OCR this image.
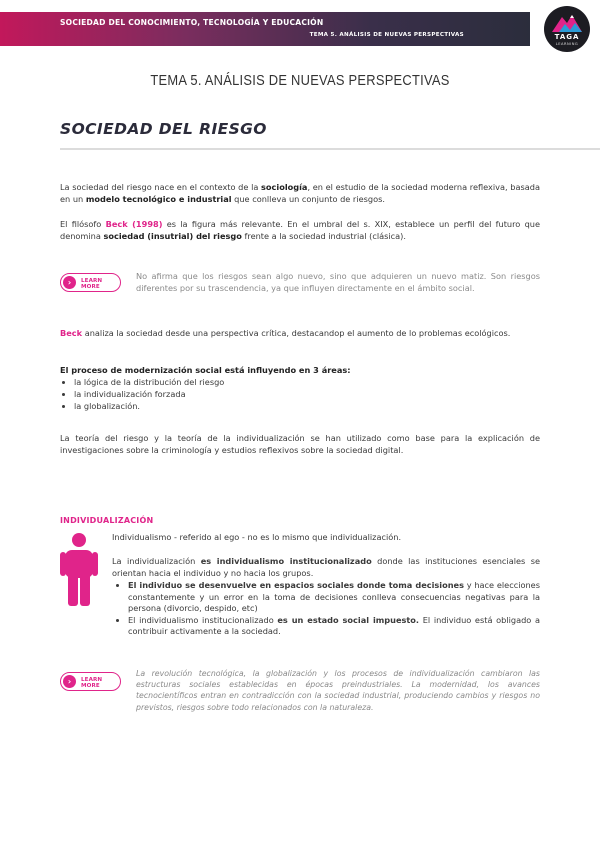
SOCIEDAD DEL CONOCIMIENTO, TECNOLOGÍA Y EDUCACIÓN
TEMA 5. ANÁLISIS DE NUEVAS PERSPECTIVAS	TAGA
LEARNING
TEMA 5. ANÁLISIS DE NUEVAS PERSPECTIVAS
SOCIEDAD DEL RIESGO
La sociedad del riesgo nace en el contexto de la sociología, en el estudio de la sociedad moderna reflexiva, basada en un modelo tecnológico e industrial que conlleva un conjunto de riesgos.
El filósofo Beck (1998) es la figura más relevante. En el umbral del s. XIX, establece un perfil del futuro que denomina sociedad (insutrial) del riesgo frente a la sociedad industrial (clásica).
›	LEARN MORE
No afirma que los riesgos sean algo nuevo, sino que adquieren un nuevo matiz. Son riesgos diferentes por su trascendencia, ya que influyen directamente en el ámbito social.
Beck analiza la sociedad desde una perspectiva crítica, destacandop el aumento de lo problemas ecológicos.
El proceso de modernización social está influyendo en 3 áreas:
• la lógica de la distribución del riesgo
• la individualización forzada
• la globalización.
La teoría del riesgo y la teoría de la individualización se han utilizado como base para la explicación de investigaciones sobre la criminología y estudios reflexivos sobre la sociedad digital.
INDIVIDUALIZACIÓN
Individualismo - referido al ego - no es lo mismo que individualización.
La individualización es individualismo institucionalizado donde las instituciones esenciales se orientan hacia el individuo y no hacia los grupos.
• El individuo se desenvuelve en espacios sociales donde toma decisiones y hace elecciones constantemente y un error en la toma de decisiones conlleva consecuencias negativas para la persona (divorcio, despido, etc)
• El individualismo institucionalizado es un estado social impuesto. El individuo está obligado a contribuir activamente a la sociedad.
›	LEARN MORE
La revolución tecnológica, la globalización y los procesos de individualización cambiaron las estructuras sociales establecidas en épocas preindustriales. La modernidad, los avances tecnocientíficos entran en contradicción con la sociedad industrial, produciendo cambios y riesgos no previstos, riesgos sobre todo relacionados con la naturaleza.
